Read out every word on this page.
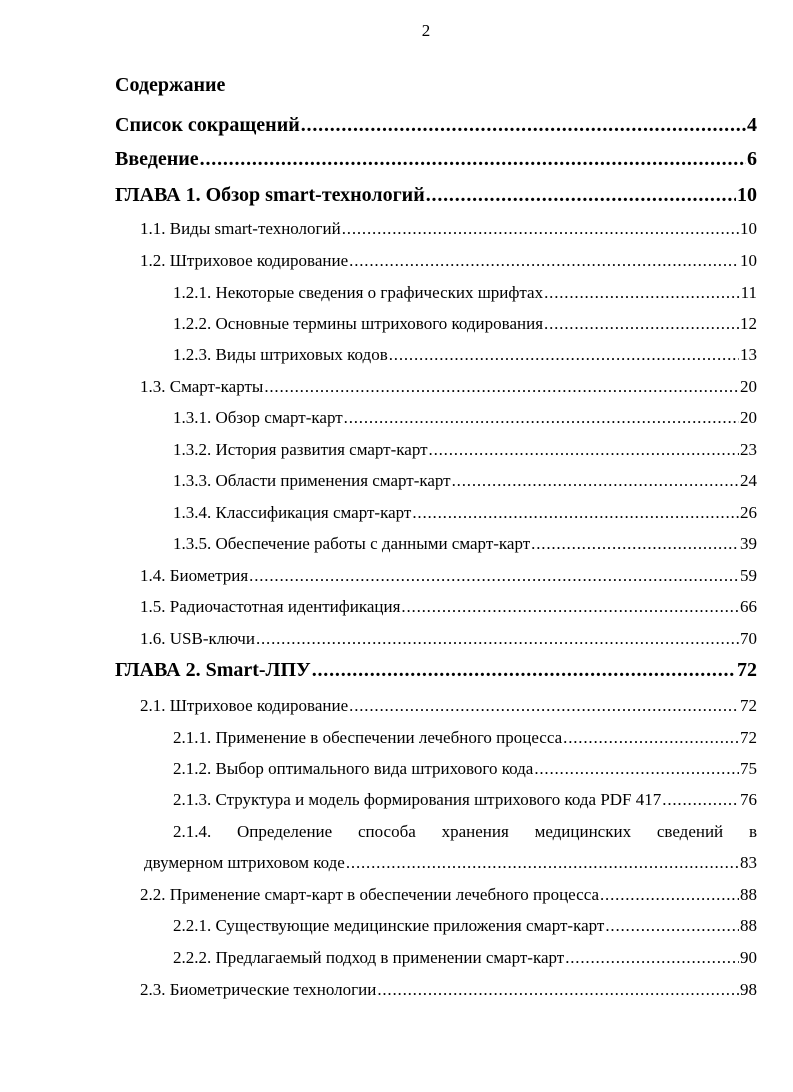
2
Содержание
Список сокращений .....	4
Введение .....	6
ГЛАВА 1. Обзор smart-технологий .....	10
1.1. Виды smart-технологий .....	10
1.2. Штриховое кодирование .....	10
1.2.1. Некоторые сведения о графических шрифтах .....	11
1.2.2. Основные термины штрихового кодирования .....	12
1.2.3. Виды штриховых кодов .....	13
1.3. Смарт-карты .....	20
1.3.1. Обзор смарт-карт .....	20
1.3.2. История развития смарт-карт .....	23
1.3.3. Области применения смарт-карт .....	24
1.3.4. Классификация смарт-карт .....	26
1.3.5. Обеспечение работы с данными смарт-карт .....	39
1.4. Биометрия .....	59
1.5. Радиочастотная идентификация .....	66
1.6. USB-ключи .....	70
ГЛАВА 2. Smart-ЛПУ .....	72
2.1. Штриховое кодирование .....	72
2.1.1. Применение в обеспечении лечебного процесса .....	72
2.1.2. Выбор оптимального вида штрихового кода .....	75
2.1.3. Структура и модель формирования штрихового кода PDF 417 .....	76
2.1.4. Определение способа хранения медицинских сведений в
двумерном штриховом коде .....	83
2.2. Применение смарт-карт в обеспечении лечебного процесса .....	88
2.2.1. Существующие медицинские приложения смарт-карт .....	88
2.2.2. Предлагаемый подход в применении смарт-карт .....	90
2.3. Биометрические технологии .....	98
